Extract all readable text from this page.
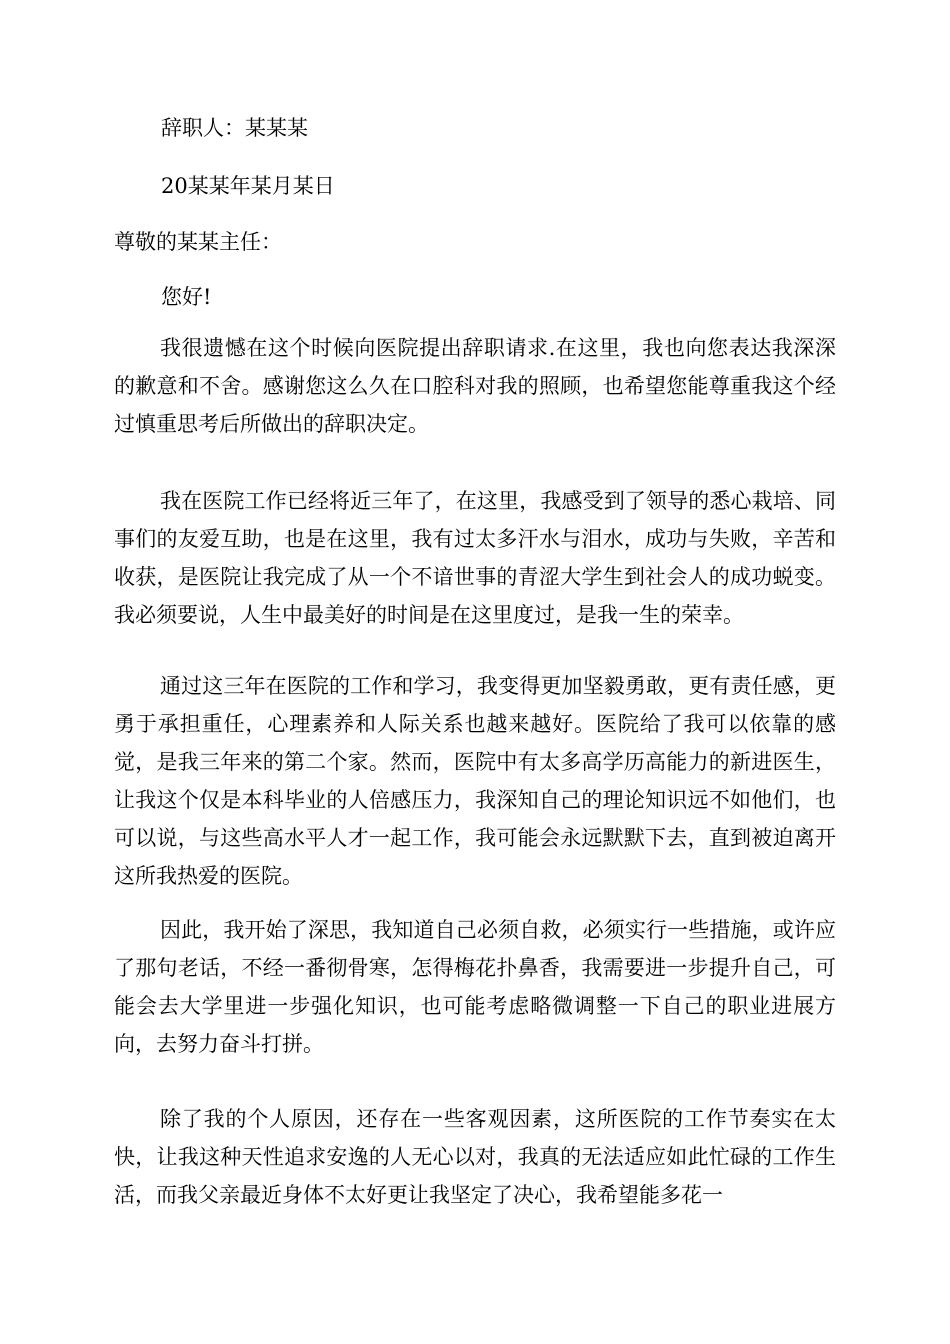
辞职人：某某某
20某某年某月某日
尊敬的某某主任：
您好!

我很遗憾在这个时候向医院提出辞职请求.在这里，我也向您表达我深深的歉意和不舍。感谢您这么久在口腔科对我的照顾，也希望您能尊重我这个经过慎重思考后所做出的辞职决定。

我在医院工作已经将近三年了，在这里，我感受到了领导的悉心栽培、同事们的友爱互助，也是在这里，我有过太多汗水与泪水，成功与失败，辛苦和收获，是医院让我完成了从一个不谙世事的青涩大学生到社会人的成功蜕变。我必须要说，人生中最美好的时间是在这里度过，是我一生的荣幸。

通过这三年在医院的工作和学习，我变得更加坚毅勇敢，更有责任感，更勇于承担重任，心理素养和人际关系也越来越好。医院给了我可以依靠的感觉，是我三年来的第二个家。然而，医院中有太多高学历高能力的新进医生，让我这个仅是本科毕业的人倍感压力，我深知自己的理论知识远不如他们，也可以说，与这些高水平人才一起工作，我可能会永远默默下去，直到被迫离开这所我热爱的医院。

因此，我开始了深思，我知道自己必须自救，必须实行一些措施，或许应了那句老话，不经一番彻骨寒，怎得梅花扑鼻香，我需要进一步提升自己，可能会去大学里进一步强化知识，也可能考虑略微调整一下自己的职业进展方向，去努力奋斗打拼。

除了我的个人原因，还存在一些客观因素，这所医院的工作节奏实在太快，让我这种天性追求安逸的人无心以对，我真的无法适应如此忙碌的工作生活，而我父亲最近身体不太好更让我坚定了决心，我希望能多花一
